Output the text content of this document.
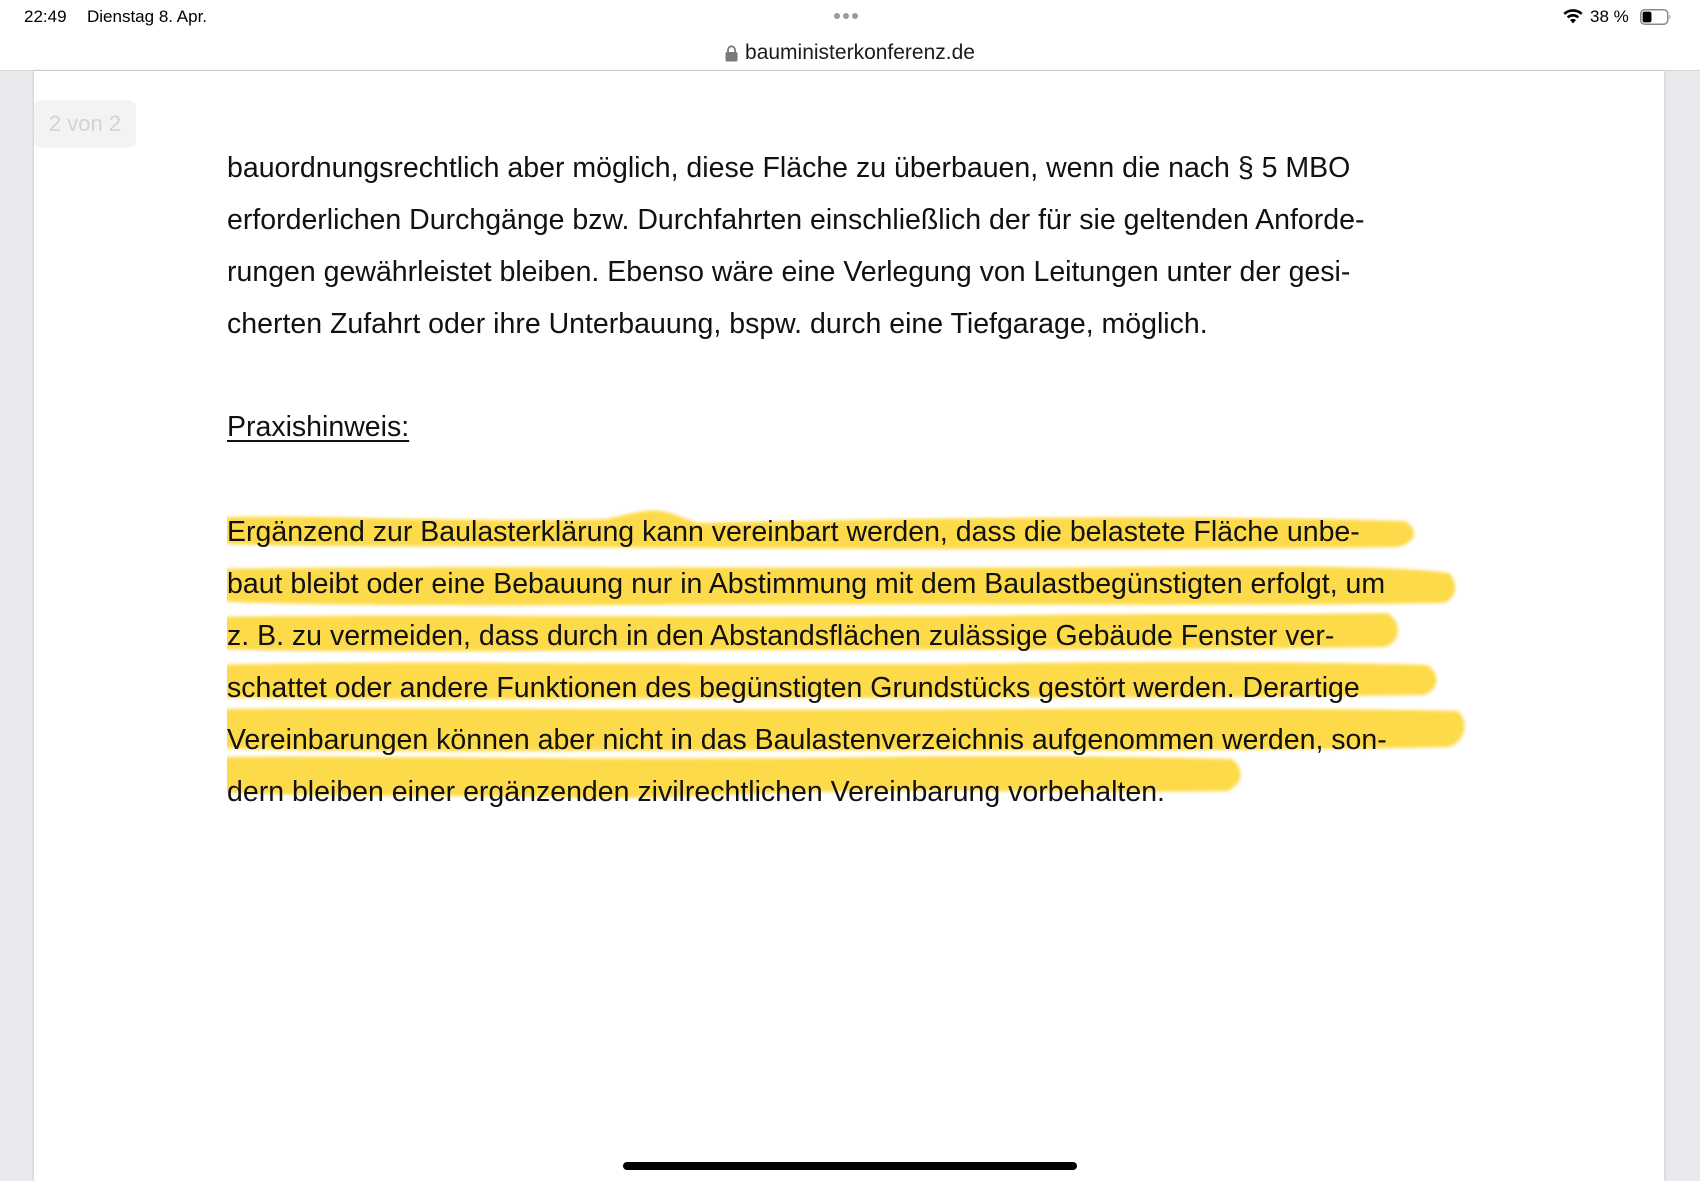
22:49 Dienstag 8. Apr.	38 %
bauministerkonferenz.de
2 von 2
bauordnungsrechtlich aber möglich, diese Fläche zu überbauen, wenn die nach § 5 MBO
erforderlichen Durchgänge bzw. Durchfahrten einschließlich der für sie geltenden Anforde-
rungen gewährleistet bleiben. Ebenso wäre eine Verlegung von Leitungen unter der gesi-
cherten Zufahrt oder ihre Unterbauung, bspw. durch eine Tiefgarage, möglich.
Praxishinweis:
Ergänzend zur Baulasterklärung kann vereinbart werden, dass die belastete Fläche unbe-
baut bleibt oder eine Bebauung nur in Abstimmung mit dem Baulastbegünstigten erfolgt, um
z. B. zu vermeiden, dass durch in den Abstandsflächen zulässige Gebäude Fenster ver-
schattet oder andere Funktionen des begünstigten Grundstücks gestört werden. Derartige
Vereinbarungen können aber nicht in das Baulastenverzeichnis aufgenommen werden, son-
dern bleiben einer ergänzenden zivilrechtlichen Vereinbarung vorbehalten.
